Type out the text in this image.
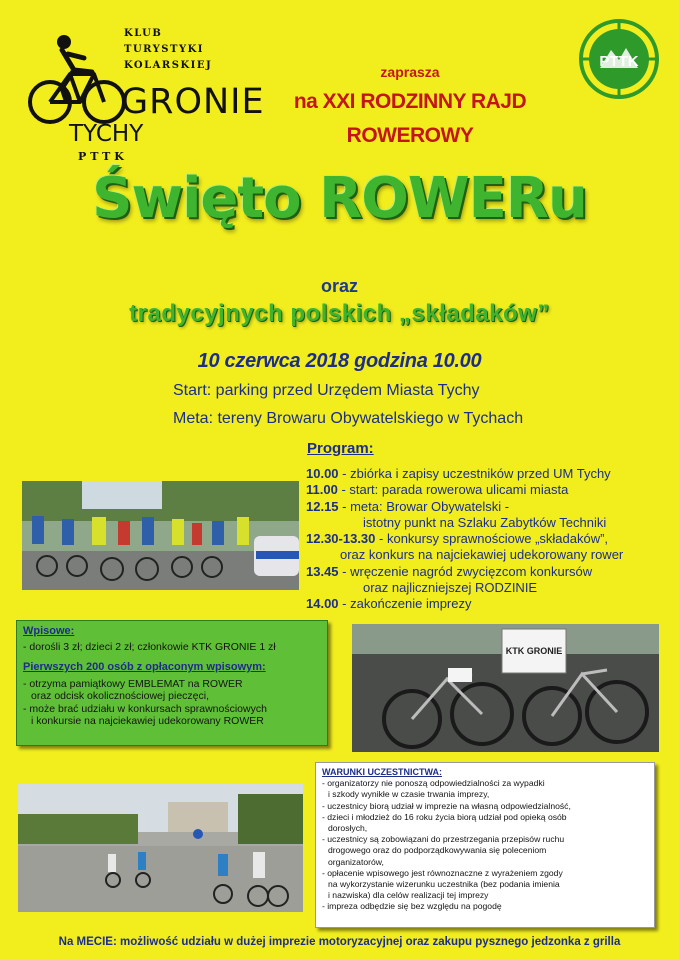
KLUB
TURYSTYKI
KOLARSKIEJ
GRONIE
TYCHY
PTTK
PTTK
zaprasza
na XXI RODZINNY RAJD
ROWEROWY
Święto ROWERu
oraz
tradycyjnych polskich „składaków”
10 czerwca 2018 godzina 10.00
Start: parking przed Urzędem Miasta Tychy
Meta: tereny Browaru Obywatelskiego w Tychach
Program:
10.00 - zbiórka i zapisy uczestników przed UM Tychy
11.00 - start: parada rowerowa ulicami miasta
12.15 - meta: Browar Obywatelski -
istotny punkt na Szlaku Zabytków Techniki
12.30-13.30 - konkursy sprawnościowe „składaków”,
oraz konkurs na najciekawiej udekorowany rower
13.45 - wręczenie nagród zwycięzcom konkursów
oraz najliczniejszej RODZINIE
14.00 - zakończenie imprezy
KTK GRONIE
Wpisowe:
- dorośli 3 zł; dzieci 2 zł; członkowie KTK GRONIE 1 zł
Pierwszych 200 osób z opłaconym wpisowym:
- otrzyma pamiątkowy EMBLEMAT na ROWER
oraz odcisk okolicznościowej pieczęci,
- może brać udziału w konkursach sprawnościowych
i konkursie na najciekawiej udekorowany ROWER
WARUNKI UCZESTNICTWA:
- organizatorzy nie ponoszą odpowiedzialności za wypadki
i szkody wynikłe w czasie trwania imprezy,
- uczestnicy biorą udział w imprezie na własną odpowiedzialność,
- dzieci i młodzież do 16 roku życia biorą udział pod opieką osób
dorosłych,
- uczestnicy są zobowiązani do przestrzegania przepisów ruchu
drogowego oraz do podporządkowywania się poleceniom
organizatorów,
- opłacenie wpisowego jest równoznaczne z wyrażeniem zgody
na wykorzystanie wizerunku uczestnika (bez podania imienia
i nazwiska) dla celów realizacji tej imprezy
- impreza odbędzie się bez względu na pogodę
Na MECIE: możliwość udziału w dużej imprezie motoryzacyjnej oraz zakupu pysznego jedzonka z grilla
